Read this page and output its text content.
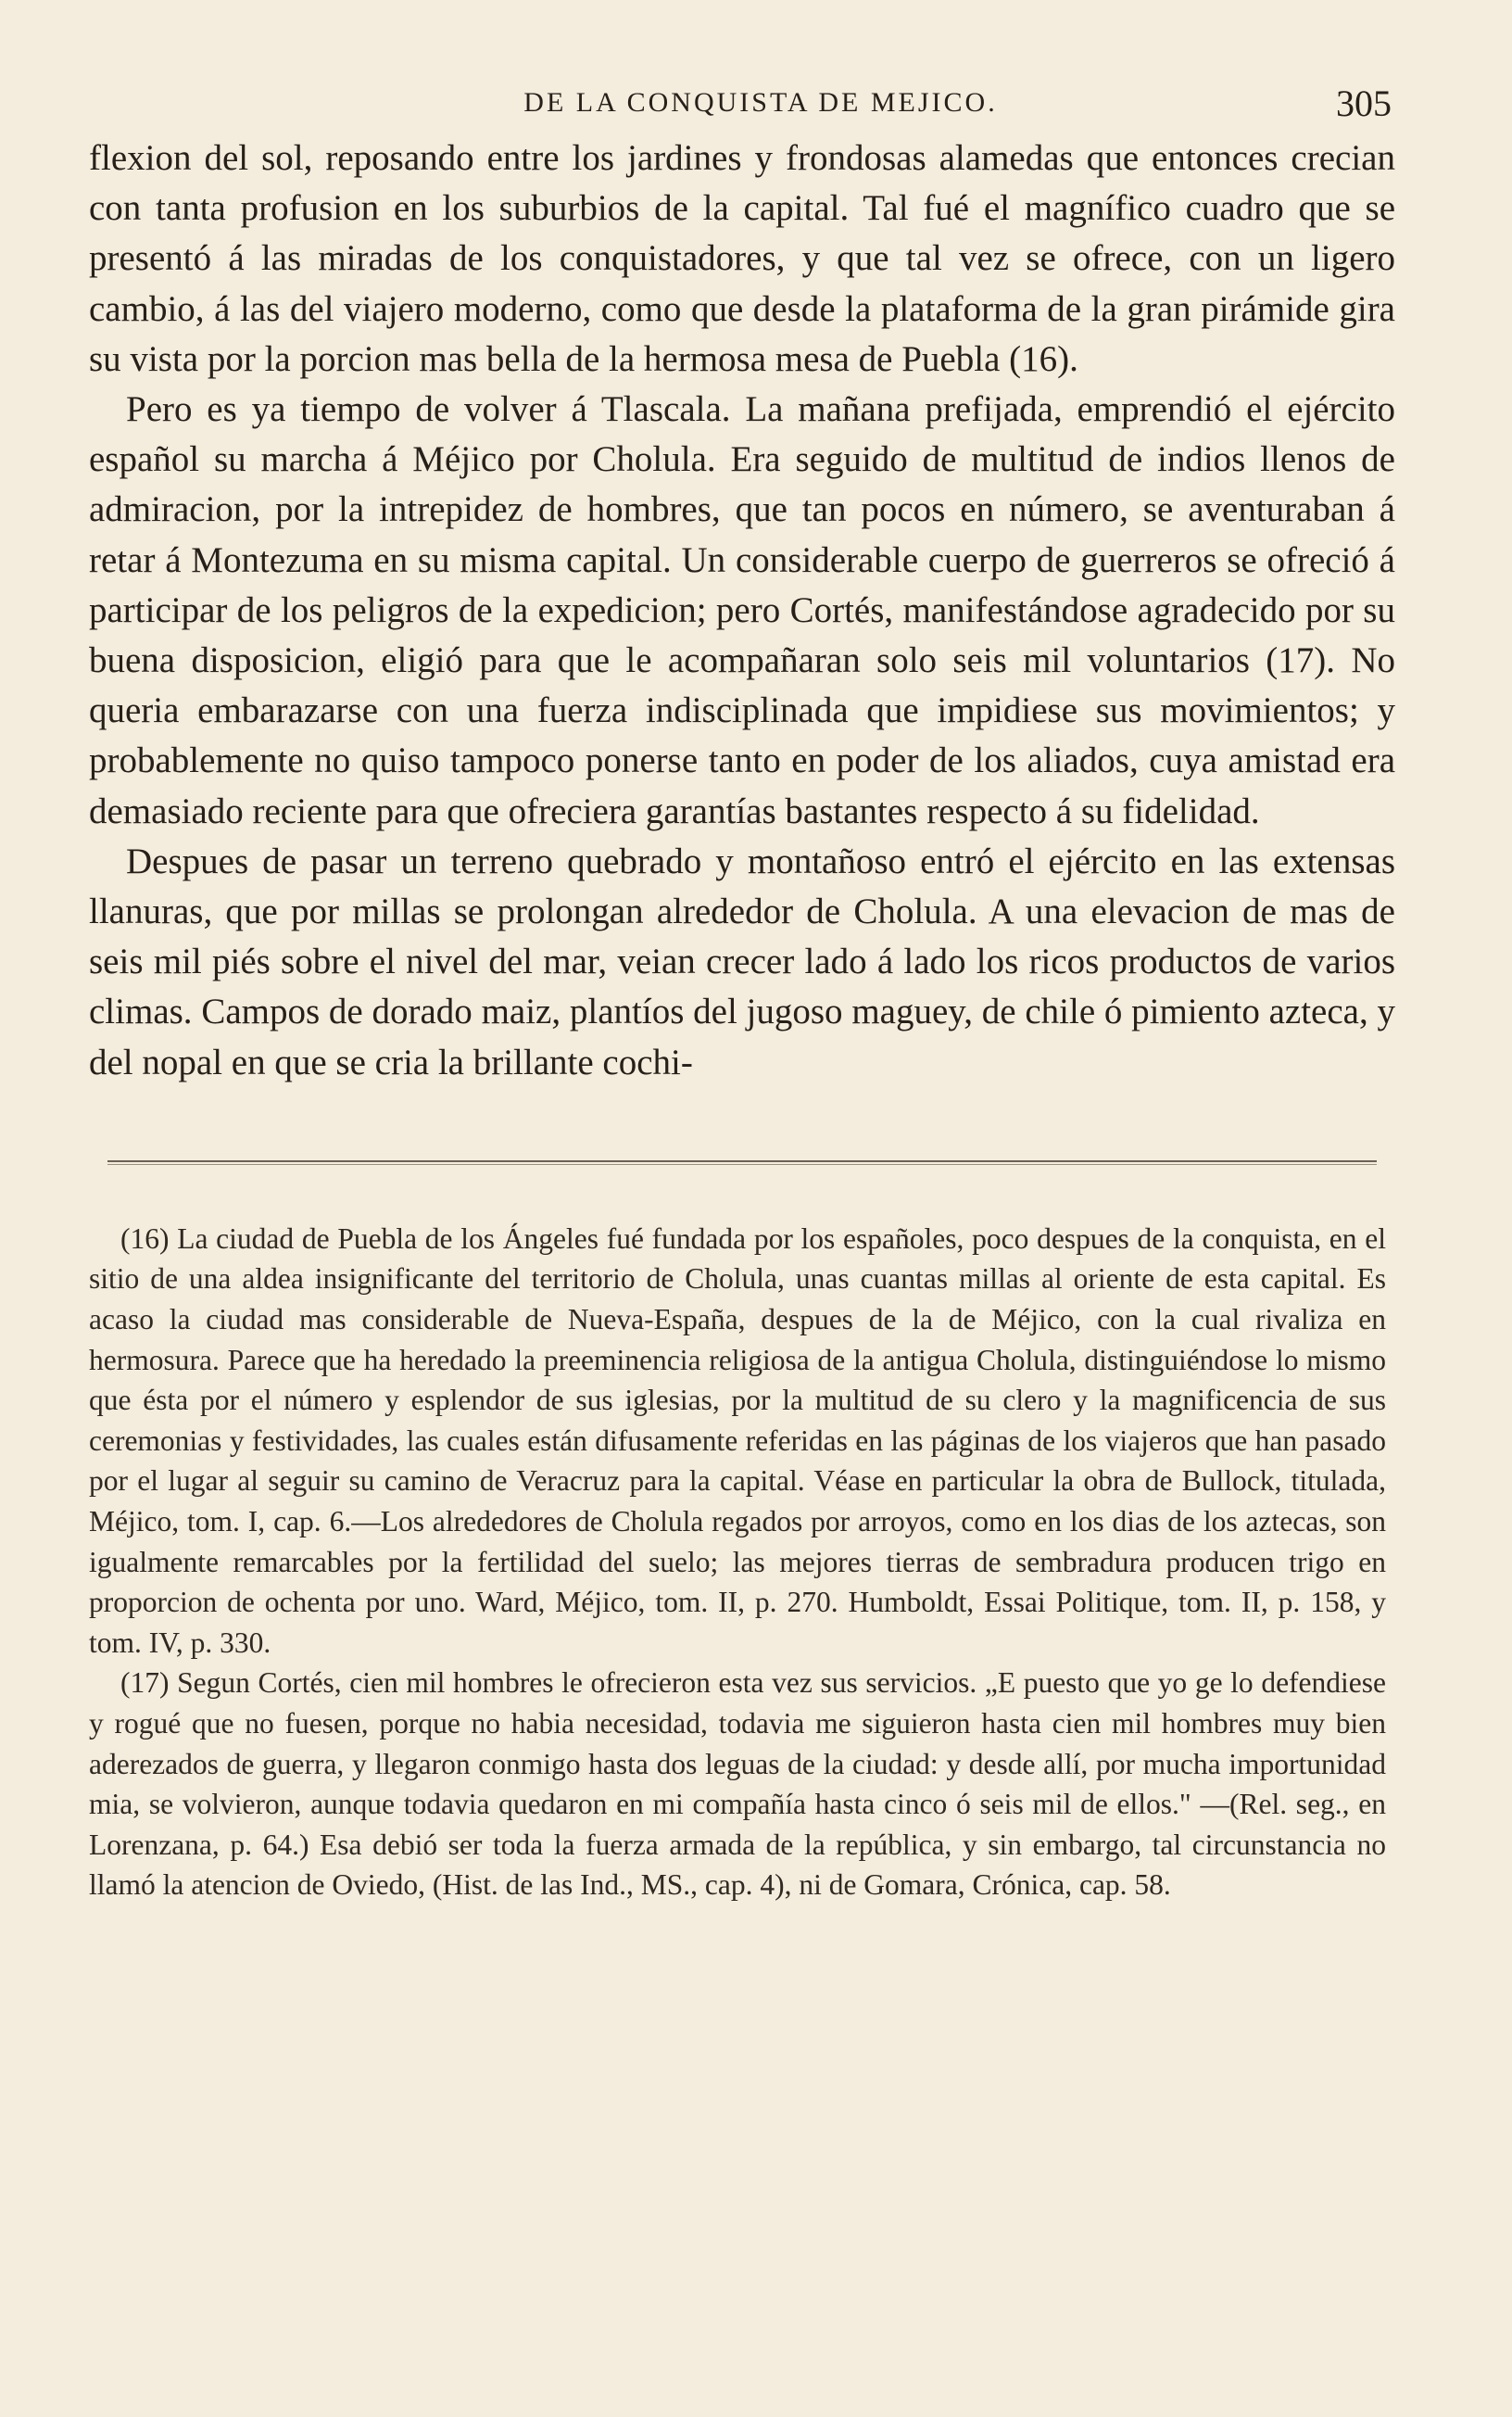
DE LA CONQUISTA DE MEJICO.	305

flexion del sol, reposando entre los jardines y frondosas alamedas que entonces crecian con tanta profusion en los suburbios de la capital. Tal fué el magnífico cuadro que se presentó á las miradas de los conquistadores, y que tal vez se ofrece, con un ligero cambio, á las del viajero moderno, como que desde la plataforma de la gran pirámide gira su vista por la porcion mas bella de la hermosa mesa de Puebla (16).

Pero es ya tiempo de volver á Tlascala. La mañana prefijada, emprendió el ejército español su marcha á Méjico por Cholula. Era seguido de multitud de indios llenos de admiracion, por la intrepidez de hombres, que tan pocos en número, se aventuraban á retar á Montezuma en su misma capital. Un considerable cuerpo de guerreros se ofreció á participar de los peligros de la expedicion; pero Cortés, manifestándose agradecido por su buena disposicion, eligió para que le acompañaran solo seis mil voluntarios (17). No queria embarazarse con una fuerza indisciplinada que impidiese sus movimientos; y probablemente no quiso tampoco ponerse tanto en poder de los aliados, cuya amistad era demasiado reciente para que ofreciera garantías bastantes respecto á su fidelidad.

Despues de pasar un terreno quebrado y montañoso entró el ejército en las extensas llanuras, que por millas se prolongan alrededor de Cholula. A una elevacion de mas de seis mil piés sobre el nivel del mar, veian crecer lado á lado los ricos productos de varios climas. Campos de dorado maiz, plantíos del jugoso maguey, de chile ó pimiento azteca, y del nopal en que se cria la brillante cochi-

(16) La ciudad de Puebla de los Ángeles fué fundada por los españoles, poco despues de la conquista, en el sitio de una aldea insignificante del territorio de Cholula, unas cuantas millas al oriente de esta capital. Es acaso la ciudad mas considerable de Nueva-España, despues de la de Méjico, con la cual rivaliza en hermosura. Parece que ha heredado la preeminencia religiosa de la antigua Cholula, distinguiéndose lo mismo que ésta por el número y esplendor de sus iglesias, por la multitud de su clero y la magnificencia de sus ceremonias y festividades, las cuales están difusamente referidas en las páginas de los viajeros que han pasado por el lugar al seguir su camino de Veracruz para la capital. Véase en particular la obra de Bullock, titulada, Méjico, tom. I, cap. 6.—Los alrededores de Cholula regados por arroyos, como en los dias de los aztecas, son igualmente remarcables por la fertilidad del suelo; las mejores tierras de sembradura producen trigo en proporcion de ochenta por uno. Ward, Méjico, tom. II, p. 270. Humboldt, Essai Politique, tom. II, p. 158, y tom. IV, p. 330.

(17) Segun Cortés, cien mil hombres le ofrecieron esta vez sus servicios. „E puesto que yo ge lo defendiese y rogué que no fuesen, porque no habia necesidad, todavia me siguieron hasta cien mil hombres muy bien aderezados de guerra, y llegaron conmigo hasta dos leguas de la ciudad: y desde allí, por mucha importunidad mia, se volvieron, aunque todavia quedaron en mi compañía hasta cinco ó seis mil de ellos." —(Rel. seg., en Lorenzana, p. 64.) Esa debió ser toda la fuerza armada de la república, y sin embargo, tal circunstancia no llamó la atencion de Oviedo, (Hist. de las Ind., MS., cap. 4), ni de Gomara, Crónica, cap. 58.
